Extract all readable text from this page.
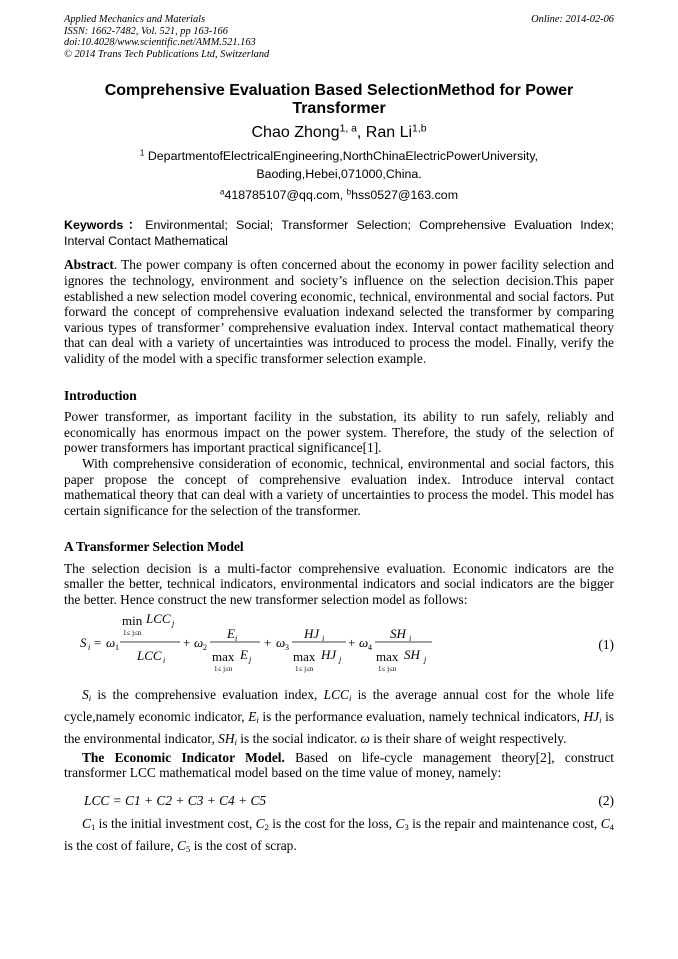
Applied Mechanics and Materials
ISSN: 1662-7482, Vol. 521, pp 163-166
doi:10.4028/www.scientific.net/AMM.521.163
© 2014 Trans Tech Publications Ltd, Switzerland
Online: 2014-02-06
Comprehensive Evaluation Based SelectionMethod for Power Transformer
Chao Zhong$^{1, a}$, Ran Li$^{1,b}$
$^1$ DepartmentofElectricalEngineering,NorthChinaElectricPowerUniversity,
Baoding,Hebei,071000,China.
$^a$418785107@qq.com, $^b$hss0527@163.com
Keywords：Environmental; Social; Transformer Selection; Comprehensive Evaluation Index; Interval Contact Mathematical

Abstract. The power company is often concerned about the economy in power facility selection and ignores the technology, environment and society’s influence on the selection decision.This paper established a new selection model covering economic, technical, environmental and social factors. Put forward the concept of comprehensive evaluation indexand selected the transformer by comparing various types of transformer’ comprehensive evaluation index. Interval contact mathematical theory that can deal with a variety of uncertainties was introduced to process the model. Finally, verify the validity of the model with a specific transformer selection example.

Introduction

Power transformer, as important facility in the substation, its ability to run safely, reliably and economically has enormous impact on the power system. Therefore, the study of the selection of power transformers has important practical significance[1].

With comprehensive consideration of economic, technical, environmental and social factors, this paper propose the concept of comprehensive evaluation index. Introduce interval contact mathematical theory that can deal with a variety of uncertainties to process the model. This model has certain significance for the selection of the transformer.

A Transformer Selection Model

The selection decision is a multi-factor comprehensive evaluation. Economic indicators are the smaller the better, technical indicators, environmental indicators and social indicators are the bigger the better. Hence construct the new transformer selection model as follows:

S i = ω 1
min LCC j
1≤ j≤n
LCC i
+ ω 2
E i
max E j
1≤ j≤n
+ ω 3
HJ i
max HJ j
1≤ j≤n
+ ω 4
SH i
max SH j
1≤ j≤n
(1)

$S_i$ is the comprehensive evaluation index, $LCC_i$ is the average annual cost for the whole life cycle,namely economic indicator, $E_i$ is the performance evaluation, namely technical indicators, $HJ_i$ is the environmental indicator, $SH_i$ is the social indicator. ω is their share of weight respectively.

The Economic Indicator Model. Based on life-cycle management theory[2], construct transformer LCC mathematical model based on the time value of money, namely:

LCC = C1 + C2 + C3 + C4 + C5	(2)

$C_1$ is the initial investment cost, $C_2$ is the cost for the loss, $C_3$ is the repair and maintenance cost, $C_4$ is the cost of failure, $C_5$ is the cost of scrap.
